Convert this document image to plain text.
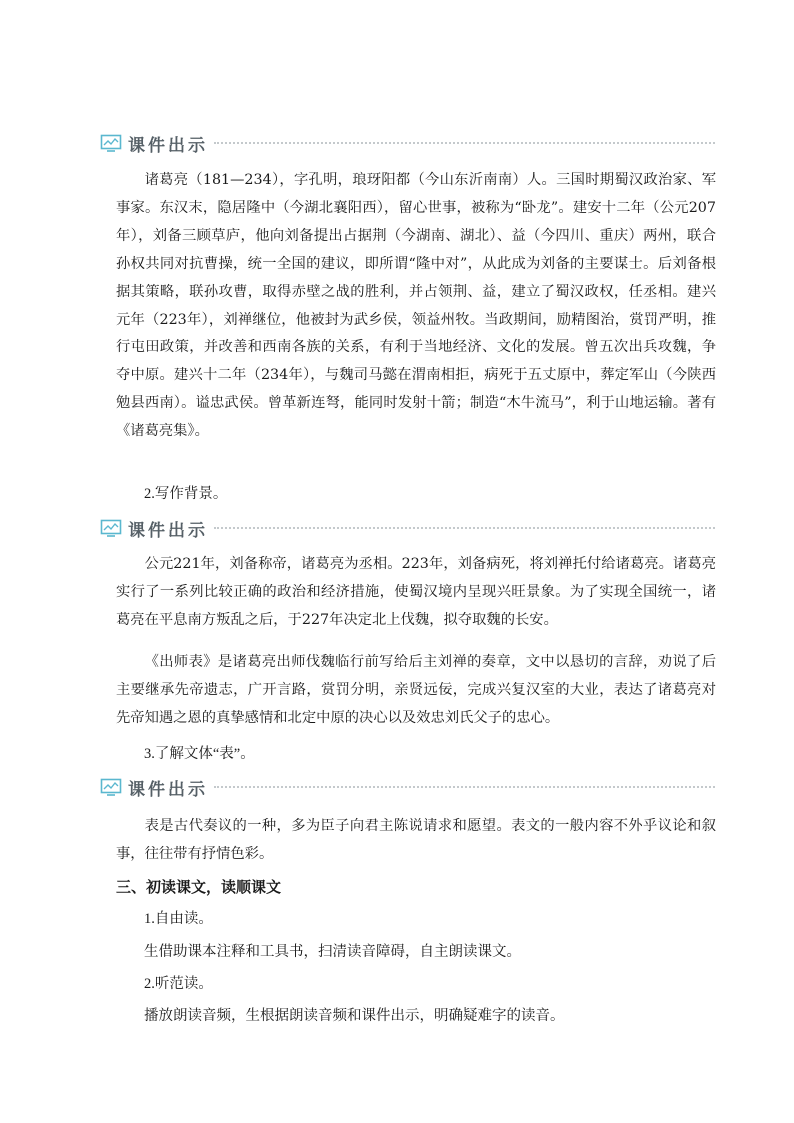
课件出示

诸葛亮（181—234），字孔明，琅玡阳都（今山东沂南南）人。三国时期蜀汉政治家、军事家。东汉末，隐居隆中（今湖北襄阳西），留心世事，被称为“卧龙”。建安十二年（公元207年），刘备三顾草庐，他向刘备提出占据荆（今湖南、湖北）、益（今四川、重庆）两州，联合孙权共同对抗曹操，统一全国的建议，即所谓“隆中对”，从此成为刘备的主要谋士。后刘备根据其策略，联孙攻曹，取得赤壁之战的胜利，并占领荆、益，建立了蜀汉政权，任丞相。建兴元年（223年），刘禅继位，他被封为武乡侯，领益州牧。当政期间，励精图治，赏罚严明，推行屯田政策，并改善和西南各族的关系，有利于当地经济、文化的发展。曾五次出兵攻魏，争夺中原。建兴十二年（234年），与魏司马懿在渭南相拒，病死于五丈原中，葬定军山（今陕西勉县西南）。谥忠武侯。曾革新连弩，能同时发射十箭；制造“木牛流马”，利于山地运输。著有《诸葛亮集》。

2.写作背景。

课件出示

公元221年，刘备称帝，诸葛亮为丞相。223年，刘备病死，将刘禅托付给诸葛亮。诸葛亮实行了一系列比较正确的政治和经济措施，使蜀汉境内呈现兴旺景象。为了实现全国统一，诸葛亮在平息南方叛乱之后，于227年决定北上伐魏，拟夺取魏的长安。

《出师表》是诸葛亮出师伐魏临行前写给后主刘禅的奏章，文中以恳切的言辞，劝说了后主要继承先帝遗志，广开言路，赏罚分明，亲贤远佞，完成兴复汉室的大业，表达了诸葛亮对先帝知遇之恩的真挚感情和北定中原的决心以及效忠刘氏父子的忠心。

3.了解文体“表”。

课件出示

表是古代奏议的一种，多为臣子向君主陈说请求和愿望。表文的一般内容不外乎议论和叙事，往往带有抒情色彩。

三、初读课文，读顺课文

1.自由读。

生借助课本注释和工具书，扫清读音障碍，自主朗读课文。

2.听范读。

播放朗读音频，生根据朗读音频和课件出示，明确疑难字的读音。
